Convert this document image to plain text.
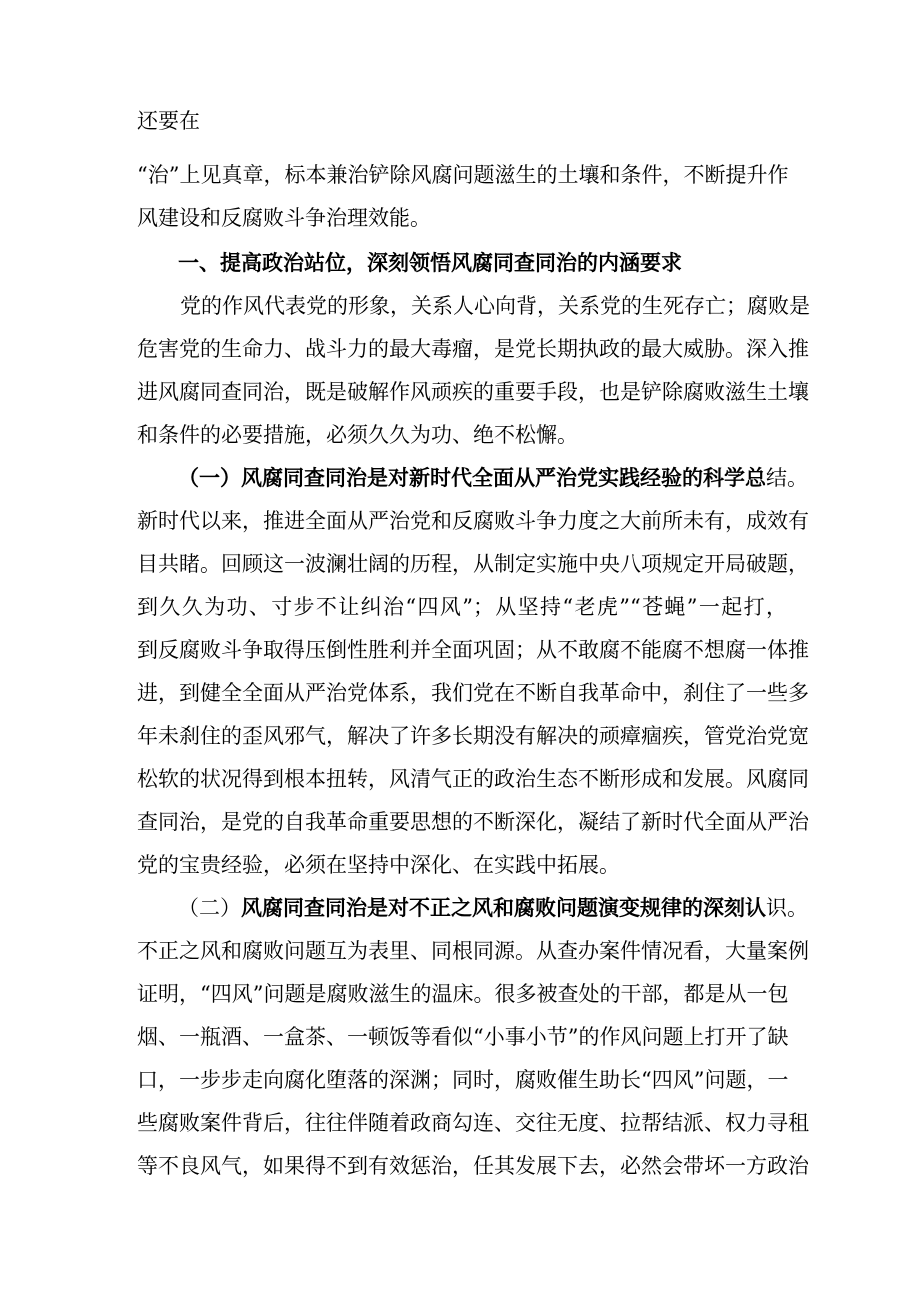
还要在
“治”上见真章，标本兼治铲除风腐问题滋生的土壤和条件，不断提升作
风建设和反腐败斗争治理效能。
一、提高政治站位，深刻领悟风腐同查同治的内涵要求
党的作风代表党的形象，关系人心向背，关系党的生死存亡；腐败是
危害党的生命力、战斗力的最大毒瘤，是党长期执政的最大威胁。深入推
进风腐同查同治，既是破解作风顽疾的重要手段，也是铲除腐败滋生土壤
和条件的必要措施，必须久久为功、绝不松懈。
（一）风腐同查同治是对新时代全面从严治党实践经验的科学总结。
新时代以来，推进全面从严治党和反腐败斗争力度之大前所未有，成效有
目共睹。回顾这一波澜壮阔的历程，从制定实施中央八项规定开局破题，
到久久为功、寸步不让纠治“四风”；从坚持“老虎”“苍蝇”一起打，
到反腐败斗争取得压倒性胜利并全面巩固；从不敢腐不能腐不想腐一体推
进，到健全全面从严治党体系，我们党在不断自我革命中，刹住了一些多
年未刹住的歪风邪气，解决了许多长期没有解决的顽瘴痼疾，管党治党宽
松软的状况得到根本扭转，风清气正的政治生态不断形成和发展。风腐同
查同治，是党的自我革命重要思想的不断深化，凝结了新时代全面从严治
党的宝贵经验，必须在坚持中深化、在实践中拓展。
（二）风腐同查同治是对不正之风和腐败问题演变规律的深刻认识。
不正之风和腐败问题互为表里、同根同源。从查办案件情况看，大量案例
证明，“四风”问题是腐败滋生的温床。很多被查处的干部，都是从一包
烟、一瓶酒、一盒茶、一顿饭等看似“小事小节”的作风问题上打开了缺
口，一步步走向腐化堕落的深渊；同时，腐败催生助长“四风”问题，一
些腐败案件背后，往往伴随着政商勾连、交往无度、拉帮结派、权力寻租
等不良风气，如果得不到有效惩治，任其发展下去，必然会带坏一方政治
